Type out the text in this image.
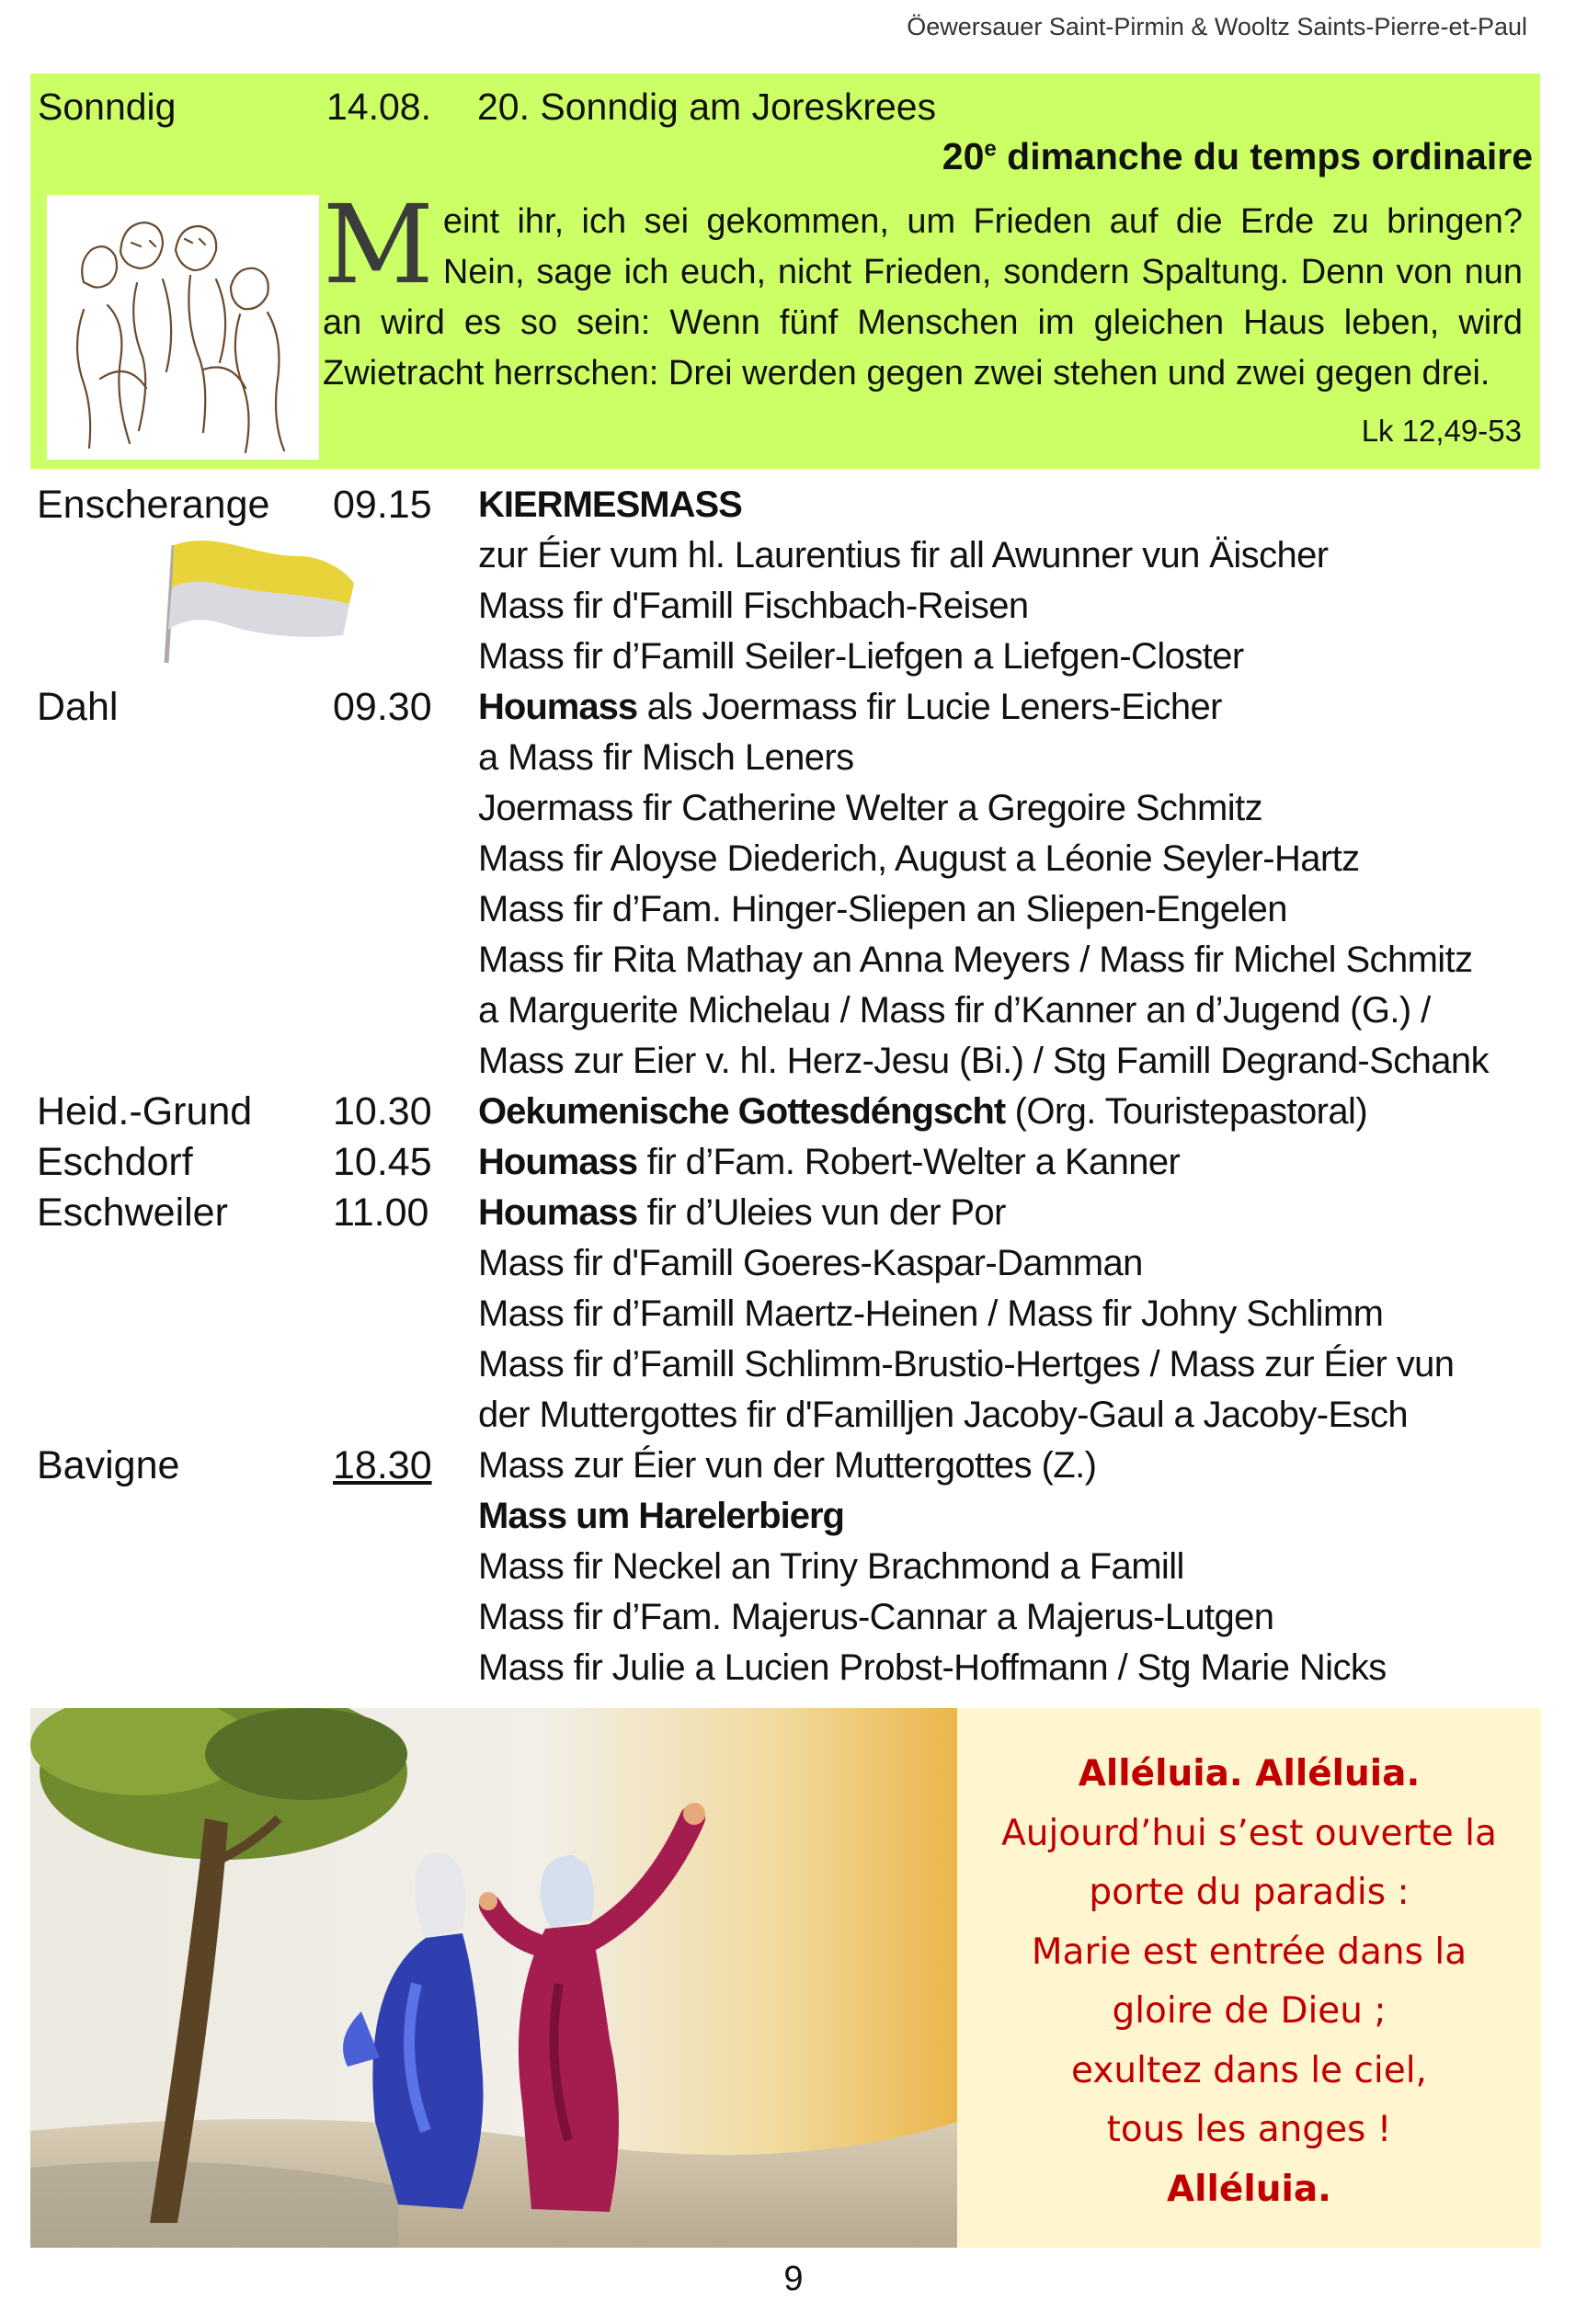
Öewersauer Saint-Pirmin & Wooltz Saints-Pierre-et-Paul
Sonndig	14.08. 20. Sonndig am Joreskrees
20e dimanche du temps ordinaire
Meint ihr, ich sei gekommen, um Frieden auf die Erde zu bringen? Nein, sage ich euch, nicht Frieden, sondern Spaltung. Denn von nun an wird es so sein: Wenn fünf Menschen im gleichen Haus leben, wird Zwietracht herrschen: Drei werden gegen zwei stehen und zwei gegen drei.
Lk 12,49-53
Enscherange 09.15 KIERMESMASS
zur Éier vum hl. Laurentius fir all Awunner vun Äischer
Mass fir d'Famill Fischbach-Reisen
Mass fir d’Famill Seiler-Liefgen a Liefgen-Closter
Dahl	09.30 Houmass als Joermass fir Lucie Leners-Eicher
a Mass fir Misch Leners
Joermass fir Catherine Welter a Gregoire Schmitz
Mass fir Aloyse Diederich, August a Léonie Seyler-Hartz
Mass fir d’Fam. Hinger-Sliepen an Sliepen-Engelen
Mass fir Rita Mathay an Anna Meyers / Mass fir Michel Schmitz
a Marguerite Michelau / Mass fir d’Kanner an d’Jugend (G.) /
Mass zur Eier v. hl. Herz-Jesu (Bi.) / Stg Famill Degrand-Schank
Heid.-Grund 10.30 Oekumenische Gottesdéngscht (Org. Touristepastoral)
Eschdorf	10.45 Houmass fir d’Fam. Robert-Welter a Kanner
Eschweiler	11.00 Houmass fir d’Uleies vun der Por
Mass fir d'Famill Goeres-Kaspar-Damman
Mass fir d’Famill Maertz-Heinen / Mass fir Johny Schlimm
Mass fir d’Famill Schlimm-Brustio-Hertges / Mass zur Éier vun
der Muttergottes fir d'Familljen Jacoby-Gaul a Jacoby-Esch
Bavigne	18.30 Mass zur Éier vun der Muttergottes (Z.)
Mass um Harelerbierg
Mass fir Neckel an Triny Brachmond a Famill
Mass fir d’Fam. Majerus-Cannar a Majerus-Lutgen
Mass fir Julie a Lucien Probst-Hoffmann / Stg Marie Nicks
Alléluia. Alléluia.
Aujourd’hui s’est ouverte la
porte du paradis :
Marie est entrée dans la
gloire de Dieu ;
exultez dans le ciel,
tous les anges !
Alléluia.
9
